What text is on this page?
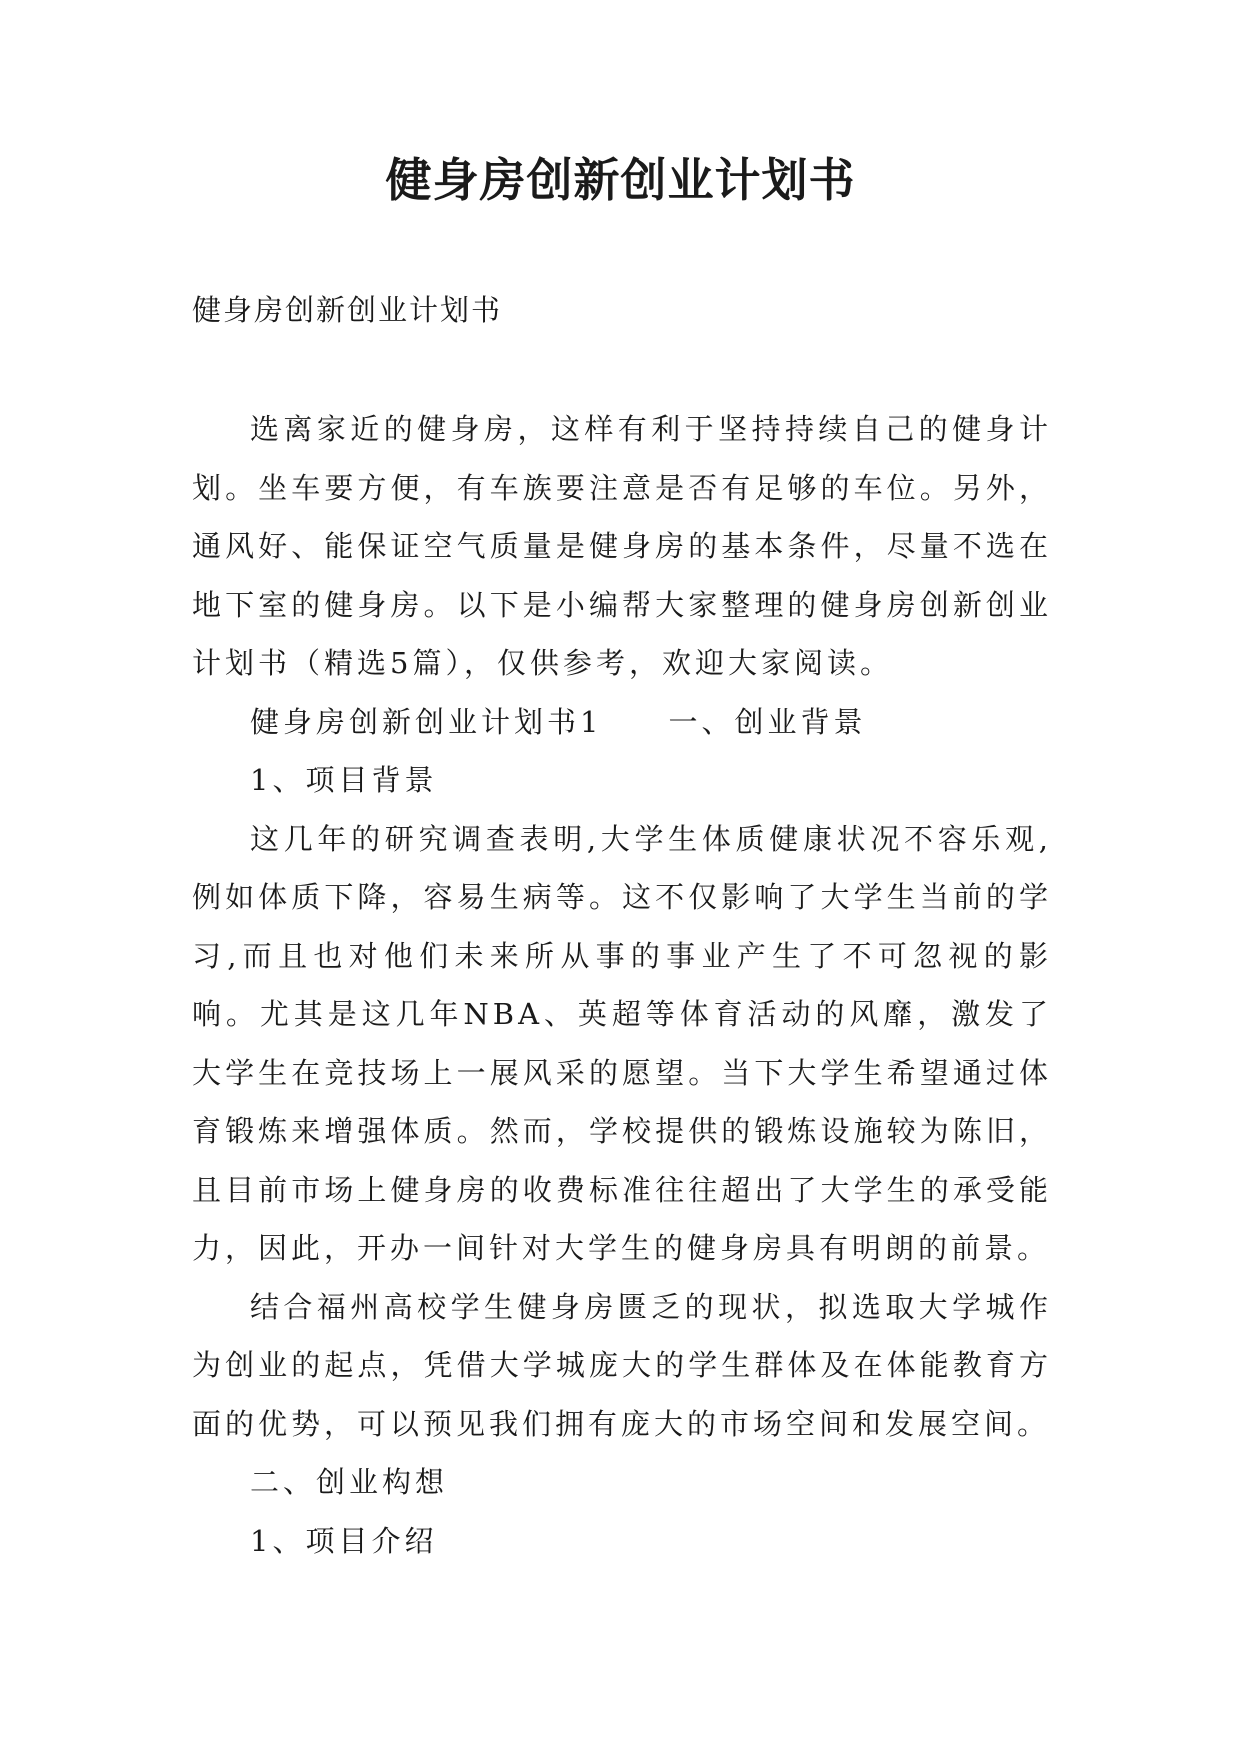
健身房创新创业计划书

健身房创新创业计划书

选离家近的健身房，这样有利于坚持持续自己的健身计划。坐车要方便，有车族要注意是否有足够的车位。另外，通风好、能保证空气质量是健身房的基本条件，尽量不选在地下室的健身房。以下是小编帮大家整理的健身房创新创业计划书（精选5篇），仅供参考，欢迎大家阅读。

健身房创新创业计划书1　　一、创业背景

1、项目背景

这几年的研究调查表明,大学生体质健康状况不容乐观,例如体质下降，容易生病等。这不仅影响了大学生当前的学习,而且也对他们未来所从事的事业产生了不可忽视的影响。尤其是这几年NBA、英超等体育活动的风靡，激发了大学生在竞技场上一展风采的愿望。当下大学生希望通过体育锻炼来增强体质。然而，学校提供的锻炼设施较为陈旧，且目前市场上健身房的收费标准往往超出了大学生的承受能力，因此，开办一间针对大学生的健身房具有明朗的前景。

结合福州高校学生健身房匮乏的现状，拟选取大学城作为创业的起点，凭借大学城庞大的学生群体及在体能教育方面的优势，可以预见我们拥有庞大的市场空间和发展空间。

二、创业构想

1、项目介绍
